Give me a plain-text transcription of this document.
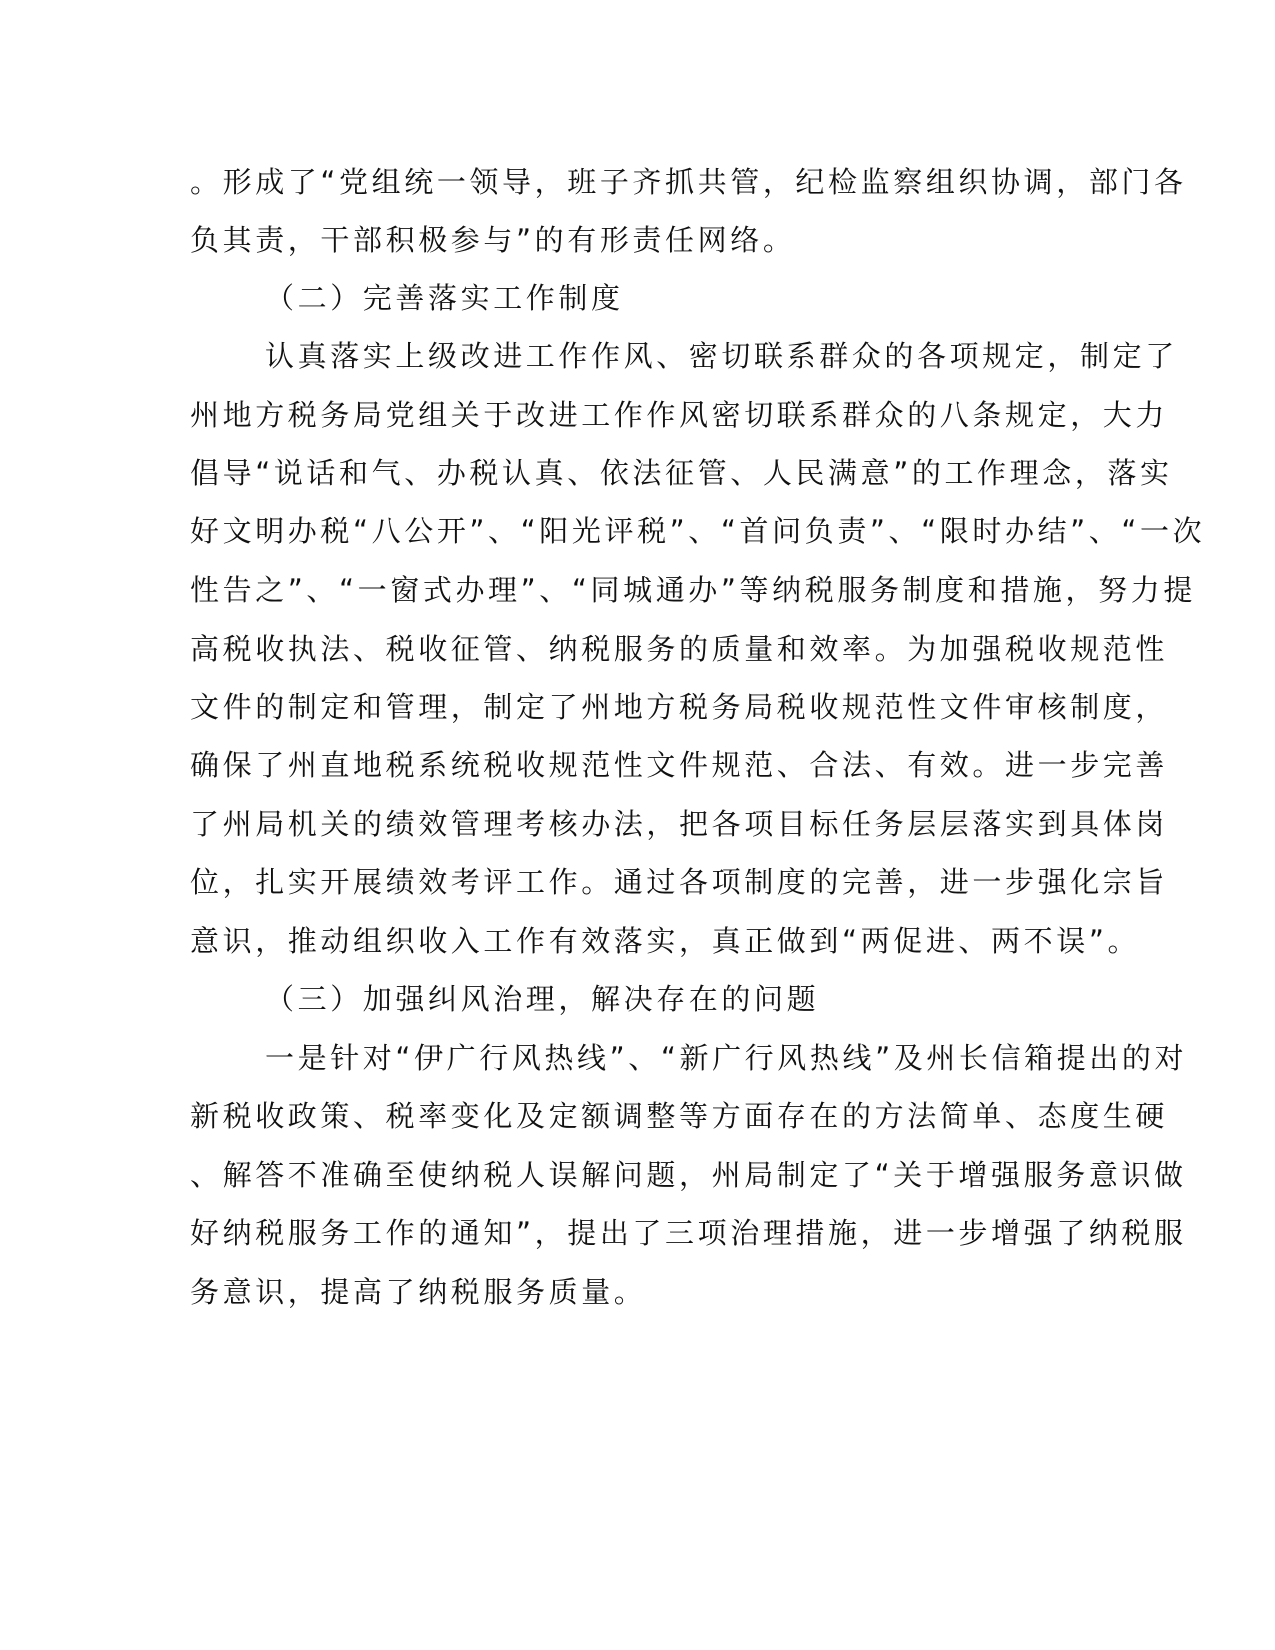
。形成了“党组统一领导，班子齐抓共管，纪检监察组织协调，部门各
负其责，干部积极参与”的有形责任网络。
（二）完善落实工作制度
认真落实上级改进工作作风、密切联系群众的各项规定，制定了
州地方税务局党组关于改进工作作风密切联系群众的八条规定，大力
倡导“说话和气、办税认真、依法征管、人民满意”的工作理念，落实
好文明办税“八公开”、“阳光评税”、“首问负责”、“限时办结”、“一次
性告之”、“一窗式办理”、“同城通办”等纳税服务制度和措施，努力提
高税收执法、税收征管、纳税服务的质量和效率。为加强税收规范性
文件的制定和管理，制定了州地方税务局税收规范性文件审核制度，
确保了州直地税系统税收规范性文件规范、合法、有效。进一步完善
了州局机关的绩效管理考核办法，把各项目标任务层层落实到具体岗
位，扎实开展绩效考评工作。通过各项制度的完善，进一步强化宗旨
意识，推动组织收入工作有效落实，真正做到“两促进、两不误”。
（三）加强纠风治理，解决存在的问题
一是针对“伊广行风热线”、“新广行风热线”及州长信箱提出的对
新税收政策、税率变化及定额调整等方面存在的方法简单、态度生硬
、解答不准确至使纳税人误解问题，州局制定了“关于增强服务意识做
好纳税服务工作的通知”，提出了三项治理措施，进一步增强了纳税服
务意识，提高了纳税服务质量。
